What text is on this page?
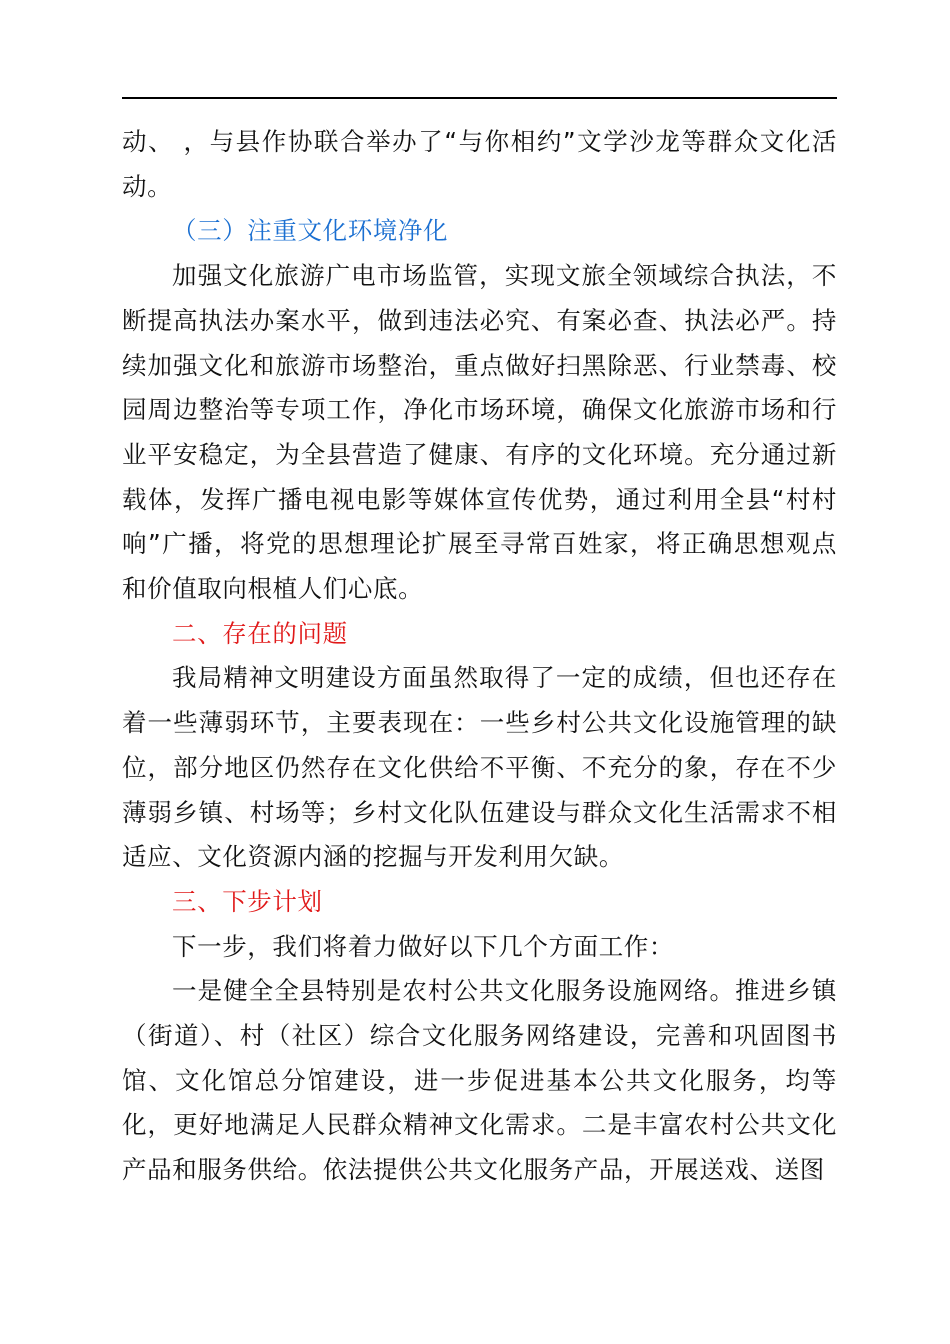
动、 ，与县作协联合举办了“与你相约”文学沙龙等群众文化活动。

（三）注重文化环境净化

加强文化旅游广电市场监管，实现文旅全领域综合执法，不断提高执法办案水平，做到违法必究、有案必查、执法必严。持续加强文化和旅游市场整治，重点做好扫黑除恶、行业禁毒、校园周边整治等专项工作，净化市场环境，确保文化旅游市场和行业平安稳定，为全县营造了健康、有序的文化环境。充分通过新载体，发挥广播电视电影等媒体宣传优势，通过利用全县“村村响”广播，将党的思想理论扩展至寻常百姓家，将正确思想观点和价值取向根植人们心底。

二、存在的问题

我局精神文明建设方面虽然取得了一定的成绩，但也还存在着一些薄弱环节，主要表现在：一些乡村公共文化设施管理的缺位，部分地区仍然存在文化供给不平衡、不充分的象，存在不少薄弱乡镇、村场等；乡村文化队伍建设与群众文化生活需求不相适应、文化资源内涵的挖掘与开发利用欠缺。

三、下步计划

下一步，我们将着力做好以下几个方面工作：

一是健全全县特别是农村公共文化服务设施网络。推进乡镇（街道）、村（社区）综合文化服务网络建设，完善和巩固图书馆、文化馆总分馆建设，进一步促进基本公共文化服务，均等化，更好地满足人民群众精神文化需求。二是丰富农村公共文化产品和服务供给。依法提供公共文化服务产品，开展送戏、送图
